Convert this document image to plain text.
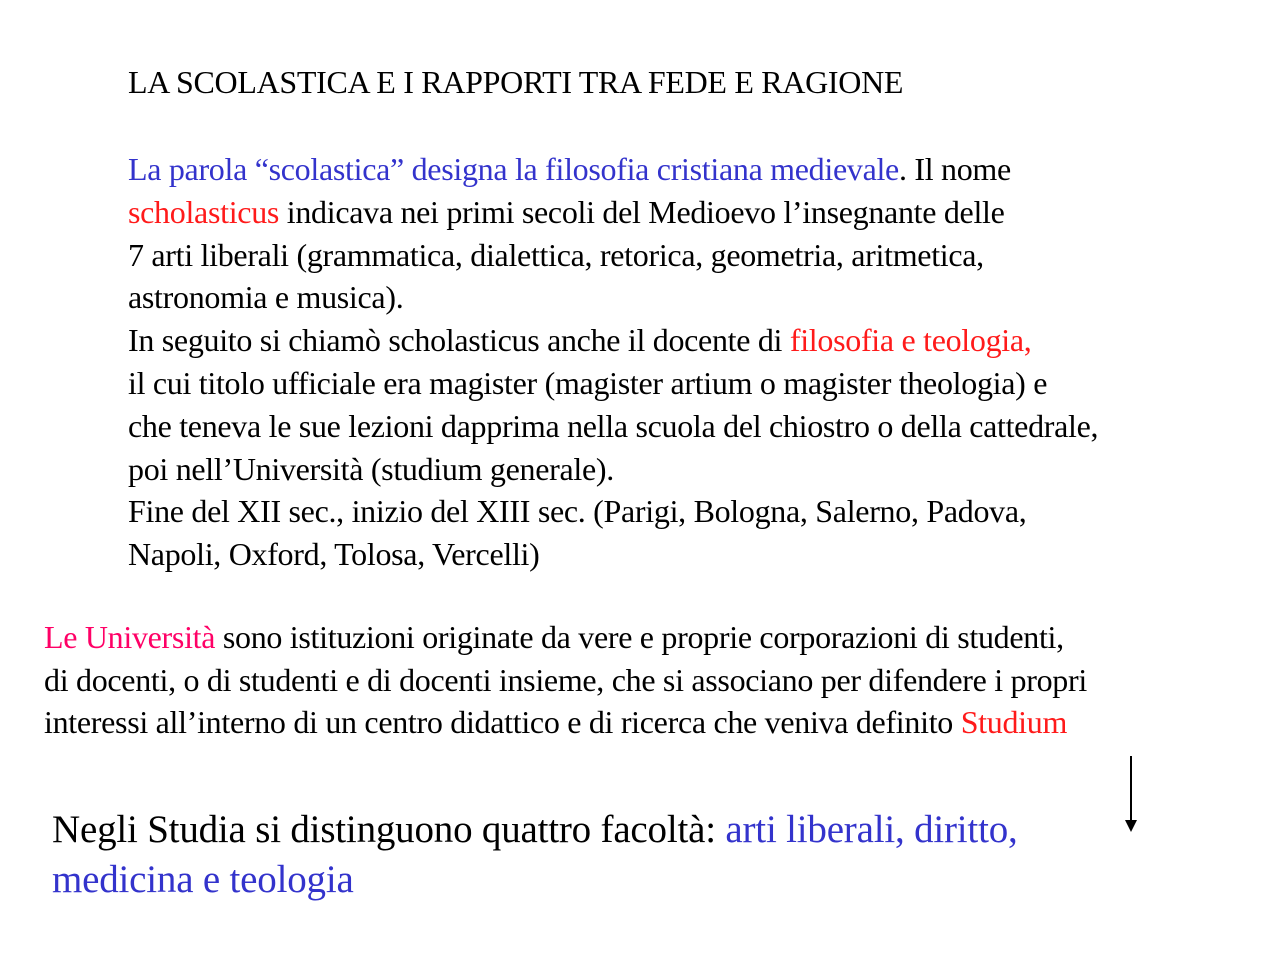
LA SCOLASTICA E I RAPPORTI TRA FEDE E RAGIONE
La parola “scolastica” designa la filosofia cristiana medievale. Il nome
scholasticus indicava nei primi secoli del Medioevo l’insegnante delle
7 arti liberali (grammatica, dialettica, retorica, geometria, aritmetica,
astronomia e musica).
In seguito si chiamò scholasticus anche il docente di filosofia e teologia,
il cui titolo ufficiale era magister (magister artium o magister theologia) e
che teneva le sue lezioni dapprima nella scuola del chiostro o della cattedrale,
poi nell’Università (studium generale).
Fine del XII sec., inizio del XIII sec. (Parigi, Bologna, Salerno, Padova,
Napoli, Oxford, Tolosa, Vercelli)
Le Università sono istituzioni originate da vere e proprie corporazioni di studenti,
di docenti, o di studenti e di docenti insieme, che si associano per difendere i propri
interessi all’interno di un centro didattico e di ricerca che veniva definito Studium
Negli Studia si distinguono quattro facoltà: arti liberali, diritto,
medicina e teologia
